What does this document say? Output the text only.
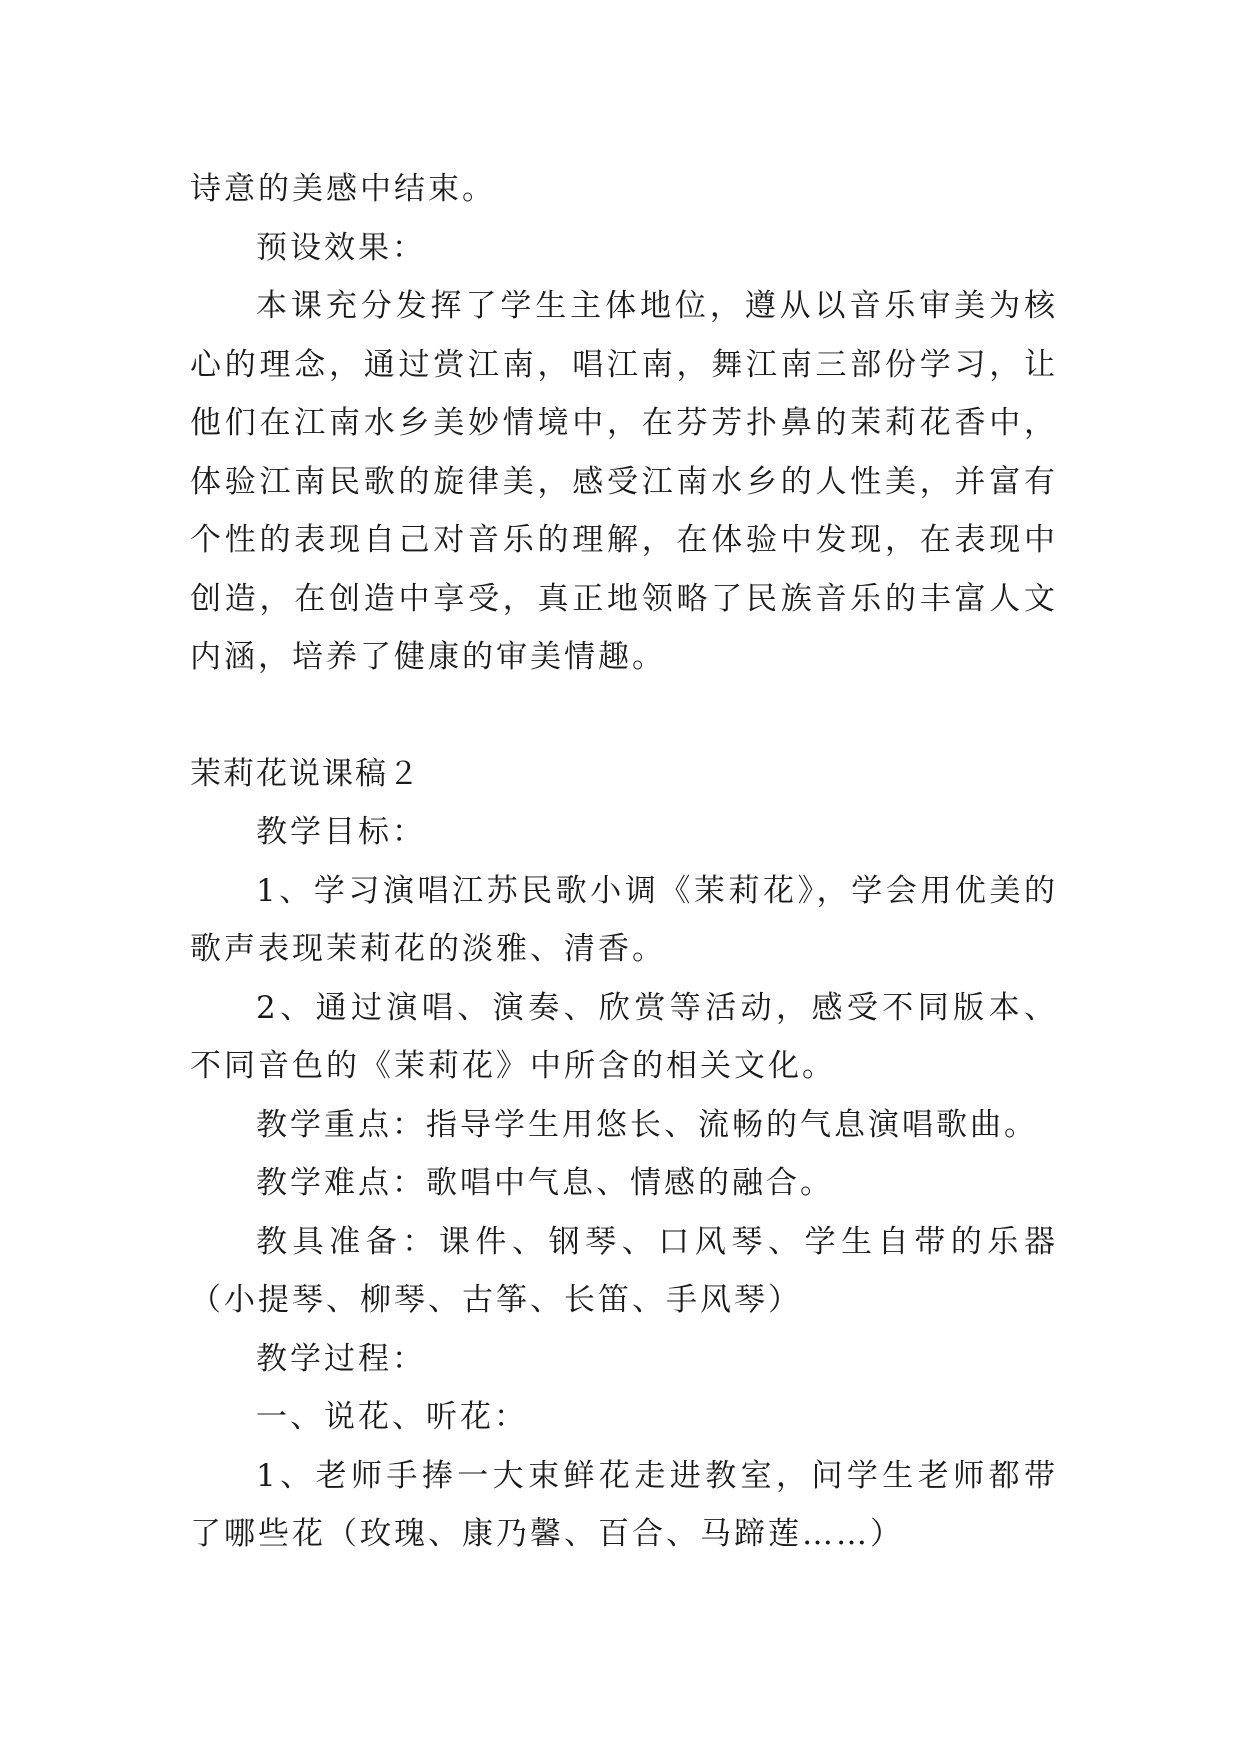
诗意的美感中结束。

预设效果：

本课充分发挥了学生主体地位，遵从以音乐审美为核心的理念，通过赏江南，唱江南，舞江南三部份学习，让他们在江南水乡美妙情境中，在芬芳扑鼻的茉莉花香中，体验江南民歌的旋律美，感受江南水乡的人性美，并富有个性的表现自己对音乐的理解，在体验中发现，在表现中创造，在创造中享受，真正地领略了民族音乐的丰富人文内涵，培养了健康的审美情趣。

茉莉花说课稿２

教学目标：

1、学习演唱江苏民歌小调《茉莉花》，学会用优美的歌声表现茉莉花的淡雅、清香。

2、通过演唱、演奏、欣赏等活动，感受不同版本、不同音色的《茉莉花》中所含的相关文化。

教学重点：指导学生用悠长、流畅的气息演唱歌曲。

教学难点：歌唱中气息、情感的融合。

教具准备：课件、钢琴、口风琴、学生自带的乐器（小提琴、柳琴、古筝、长笛、手风琴）

教学过程：

一、说花、听花：

1、老师手捧一大束鲜花走进教室，问学生老师都带了哪些花（玫瑰、康乃馨、百合、马蹄莲……）
